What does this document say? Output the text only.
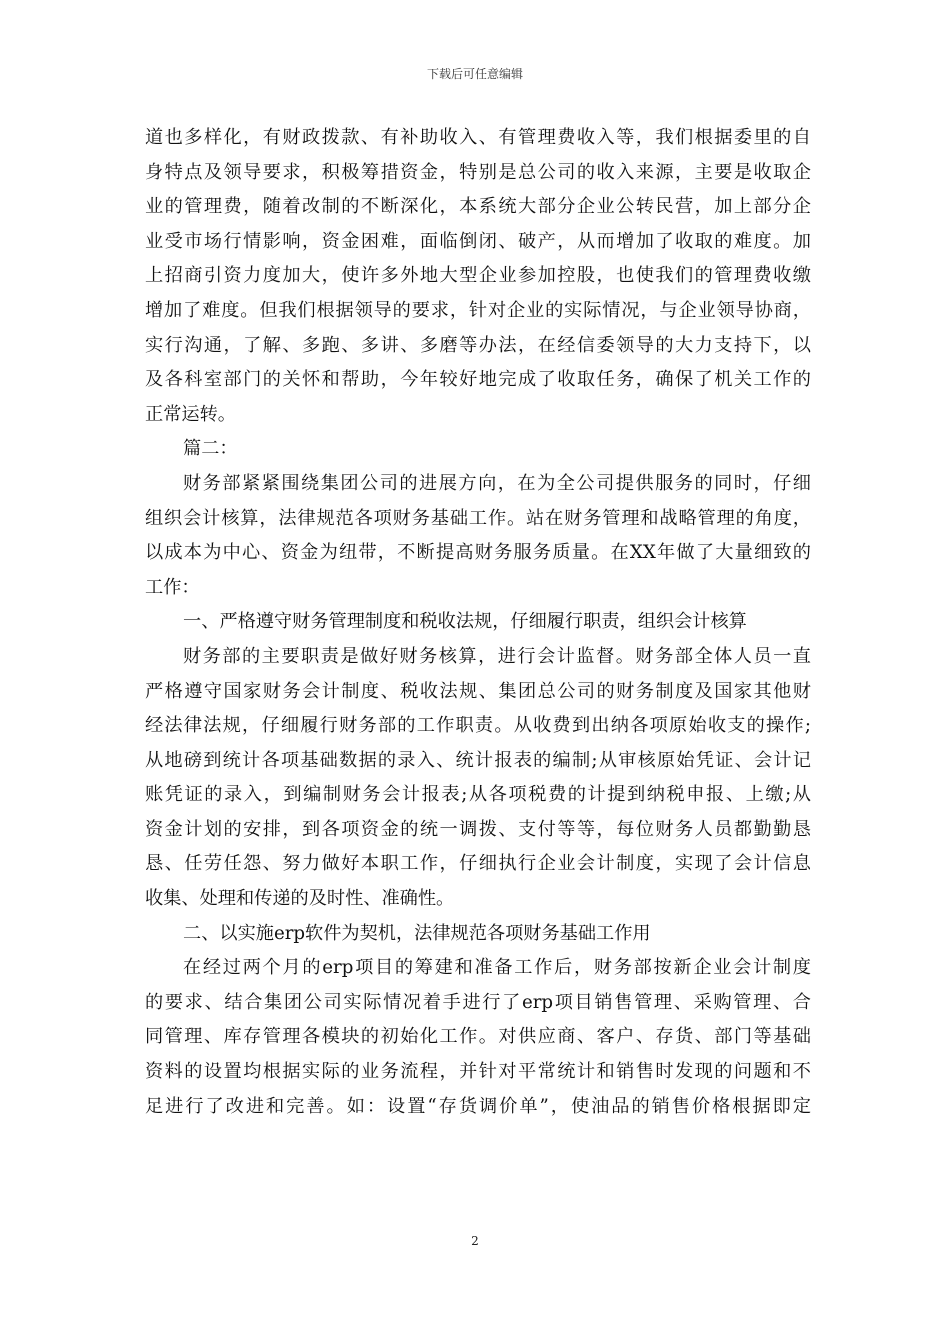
下载后可任意编辑
道也多样化，有财政拨款、有补助收入、有管理费收入等，我们根据委里的自
身特点及领导要求，积极筹措资金，特别是总公司的收入来源，主要是收取企
业的管理费，随着改制的不断深化，本系统大部分企业公转民营，加上部分企
业受市场行情影响，资金困难，面临倒闭、破产，从而增加了收取的难度。加
上招商引资力度加大，使许多外地大型企业参加控股，也使我们的管理费收缴
增加了难度。但我们根据领导的要求，针对企业的实际情况，与企业领导协商，
实行沟通，了解、多跑、多讲、多磨等办法，在经信委领导的大力支持下，以
及各科室部门的关怀和帮助，今年较好地完成了收取任务，确保了机关工作的
正常运转。
篇二：
财务部紧紧围绕集团公司的进展方向，在为全公司提供服务的同时，仔细
组织会计核算，法律规范各项财务基础工作。站在财务管理和战略管理的角度，
以成本为中心、资金为纽带，不断提高财务服务质量。在XX年做了大量细致的
工作：
一、严格遵守财务管理制度和税收法规，仔细履行职责，组织会计核算
财务部的主要职责是做好财务核算，进行会计监督。财务部全体人员一直
严格遵守国家财务会计制度、税收法规、集团总公司的财务制度及国家其他财
经法律法规，仔细履行财务部的工作职责。从收费到出纳各项原始收支的操作;
从地磅到统计各项基础数据的录入、统计报表的编制;从审核原始凭证、会计记
账凭证的录入，到编制财务会计报表;从各项税费的计提到纳税申报、上缴;从
资金计划的安排，到各项资金的统一调拨、支付等等，每位财务人员都勤勤恳
恳、任劳任怨、努力做好本职工作，仔细执行企业会计制度，实现了会计信息
收集、处理和传递的及时性、准确性。
二、以实施erp软件为契机，法律规范各项财务基础工作用
在经过两个月的erp项目的筹建和准备工作后，财务部按新企业会计制度
的要求、结合集团公司实际情况着手进行了erp项目销售管理、采购管理、合
同管理、库存管理各模块的初始化工作。对供应商、客户、存货、部门等基础
资料的设置均根据实际的业务流程，并针对平常统计和销售时发现的问题和不
足进行了改进和完善。如：设置“存货调价单”，使油品的销售价格根据即定
2
